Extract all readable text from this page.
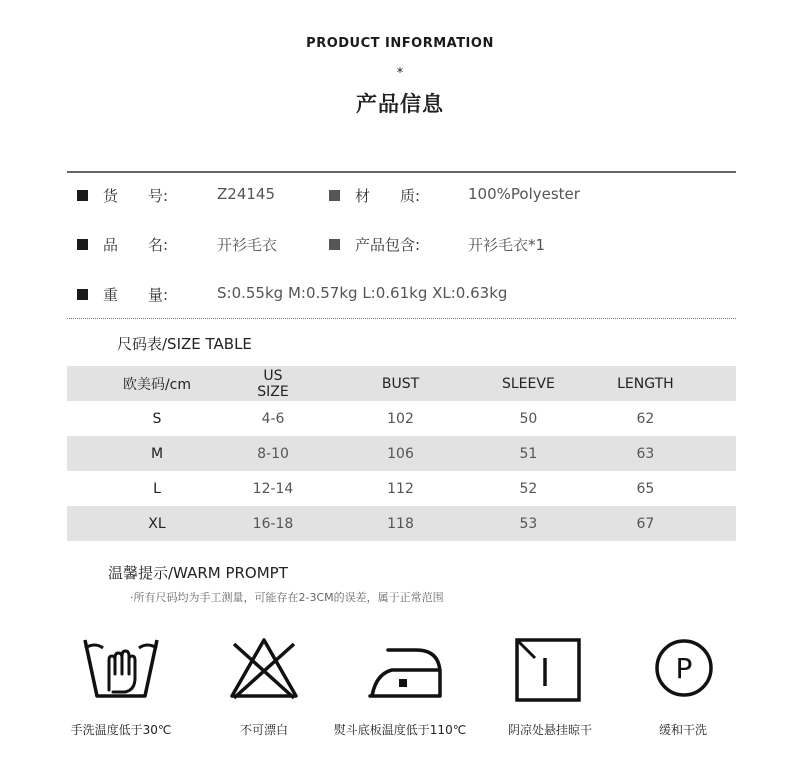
PRODUCT INFORMATION
*
产品信息
货　　号:	Z24145	材　　质:	100%Polyester
品　　名:	开衫毛衣	产品包含:	开衫毛衣*1
重　　量:	S:0.55kg M:0.57kg L:0.61kg XL:0.63kg
尺码表/SIZE TABLE
欧美码/cm	US SIZE	BUST	SLEEVE	LENGTH
S	4-6	102	50	62
M	8-10	106	51	63
L	12-14	112	52	65
XL	16-18	118	53	67
温馨提示/WARM PROMPT
·所有尺码均为手工测量，可能存在2-3CM的误差，属于正常范围
P
手洗温度低于30℃	不可漂白	熨斗底板温度低于110℃	阴凉处悬挂晾干	缓和干洗
